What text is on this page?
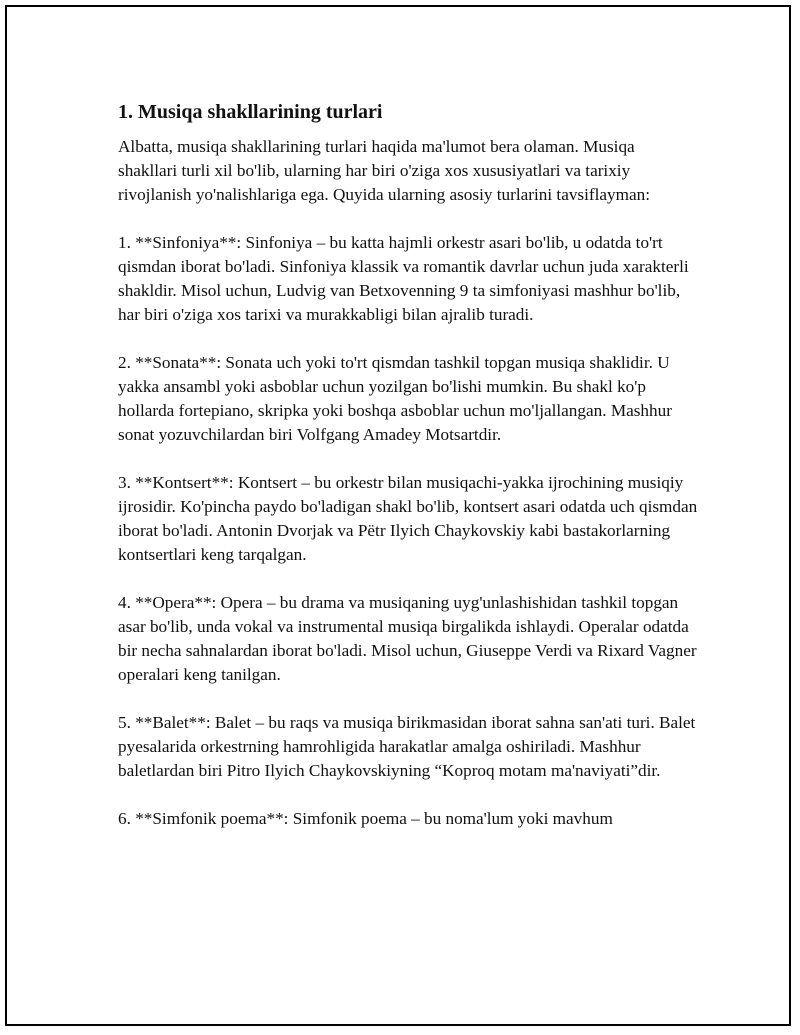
1. Musiqa shakllarining turlari

Albatta, musiqa shakllarining turlari haqida ma'lumot bera olaman. Musiqa shakllari turli xil bo'lib, ularning har biri o'ziga xos xususiyatlari va tarixiy rivojlanish yo'nalishlariga ega. Quyida ularning asosiy turlarini tavsiflayman:

1. **Sinfoniya**: Sinfoniya – bu katta hajmli orkestr asari bo'lib, u odatda to'rt qismdan iborat bo'ladi. Sinfoniya klassik va romantik davrlar uchun juda xarakterli shakldir. Misol uchun, Ludvig van Betxovenning 9 ta simfoniyasi mashhur bo'lib, har biri o'ziga xos tarixi va murakkabligi bilan ajralib turadi.

2. **Sonata**: Sonata uch yoki to'rt qismdan tashkil topgan musiqa shaklidir. U yakka ansambl yoki asboblar uchun yozilgan bo'lishi mumkin. Bu shakl ko'p hollarda fortepiano, skripka yoki boshqa asboblar uchun mo'ljallangan. Mashhur sonat yozuvchilardan biri Volfgang Amadey Motsartdir.

3. **Kontsert**: Kontsert – bu orkestr bilan musiqachi-yakka ijrochining musiqiy ijrosidir. Ko'pincha paydo bo'ladigan shakl bo'lib, kontsert asari odatda uch qismdan iborat bo'ladi. Antonin Dvorjak va Pëtr Ilyich Chaykovskiy kabi bastakorlarning kontsertlari keng tarqalgan.

4. **Opera**: Opera – bu drama va musiqaning uyg'unlashishidan tashkil topgan asar bo'lib, unda vokal va instrumental musiqa birgalikda ishlaydi. Operalar odatda bir necha sahnalardan iborat bo'ladi. Misol uchun, Giuseppe Verdi va Rixard Vagner operalari keng tanilgan.

5. **Balet**: Balet – bu raqs va musiqa birikmasidan iborat sahna san'ati turi. Balet pyesalarida orkestrning hamrohligida harakatlar amalga oshiriladi. Mashhur baletlardan biri Pitro Ilyich Chaykovskiyning “Koproq motam ma'naviyati”dir.

6. **Simfonik poema**: Simfonik poema – bu noma'lum yoki mavhum
